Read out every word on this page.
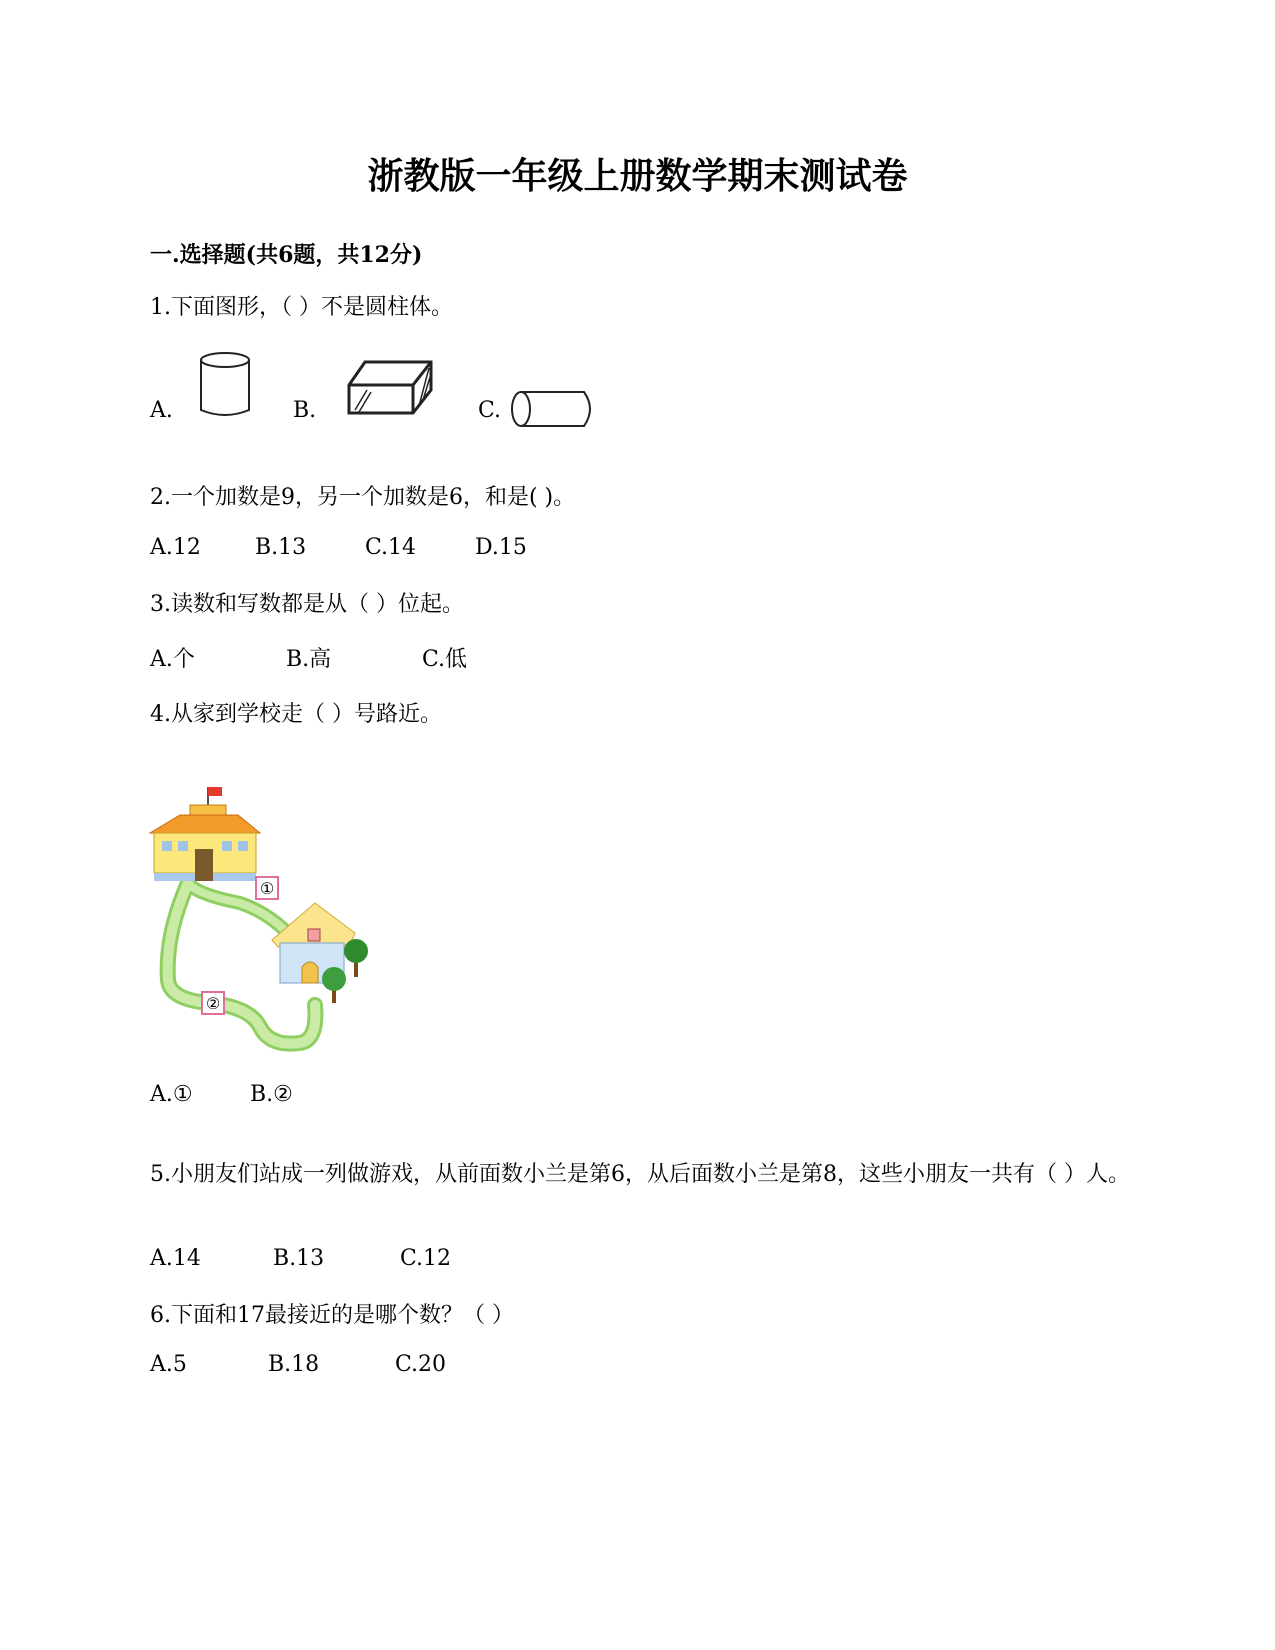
浙教版一年级上册数学期末测试卷
一.选择题(共6题，共12分)
1.下面图形，（ ）不是圆柱体。
A.	B.	C.
2.一个加数是9，另一个加数是6，和是( )。
A.12 B.13	C.14	D.15
3.读数和写数都是从（ ）位起。
A.个	B.高	C.低
4.从家到学校走（ ）号路近。
①
②
A.①	B.②
5.小朋友们站成一列做游戏，从前面数小兰是第6，从后面数小兰是第8，这些小朋友一共有（ ）人。
A.14	B.13	C.12
6.下面和17最接近的是哪个数？（ ）
A.5	B.18	C.20
